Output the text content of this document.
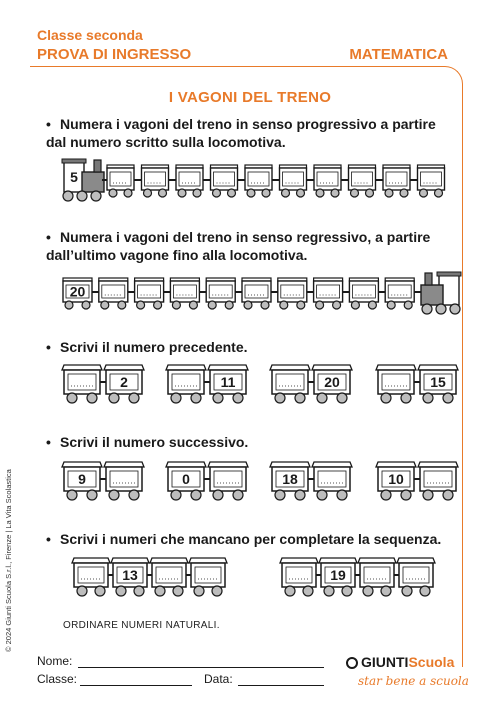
Classe seconda
PROVA DI INGRESSO	MATEMATICA
I VAGONI DEL TRENO
• Numera i vagoni del treno in senso progressivo a partire dal numero scritto sulla locomotiva.
• Numera i vagoni del treno in senso regressivo, a partire dall’ultimo vagone fino alla locomotiva.
• Scrivi il numero precedente.
• Scrivi il numero successivo.
• Scrivi i numeri che mancano per completare la sequenza.
5
20
2	11	20	15
9	0	18	10
13	19
© 2024 Giunti Scuola S.r.l., Firenze | La Vita Scolastica	ORDINARE NUMERI NATURALI.
Nome:
Classe:	Data:
GIUNTIScuola
star bene a scuola
